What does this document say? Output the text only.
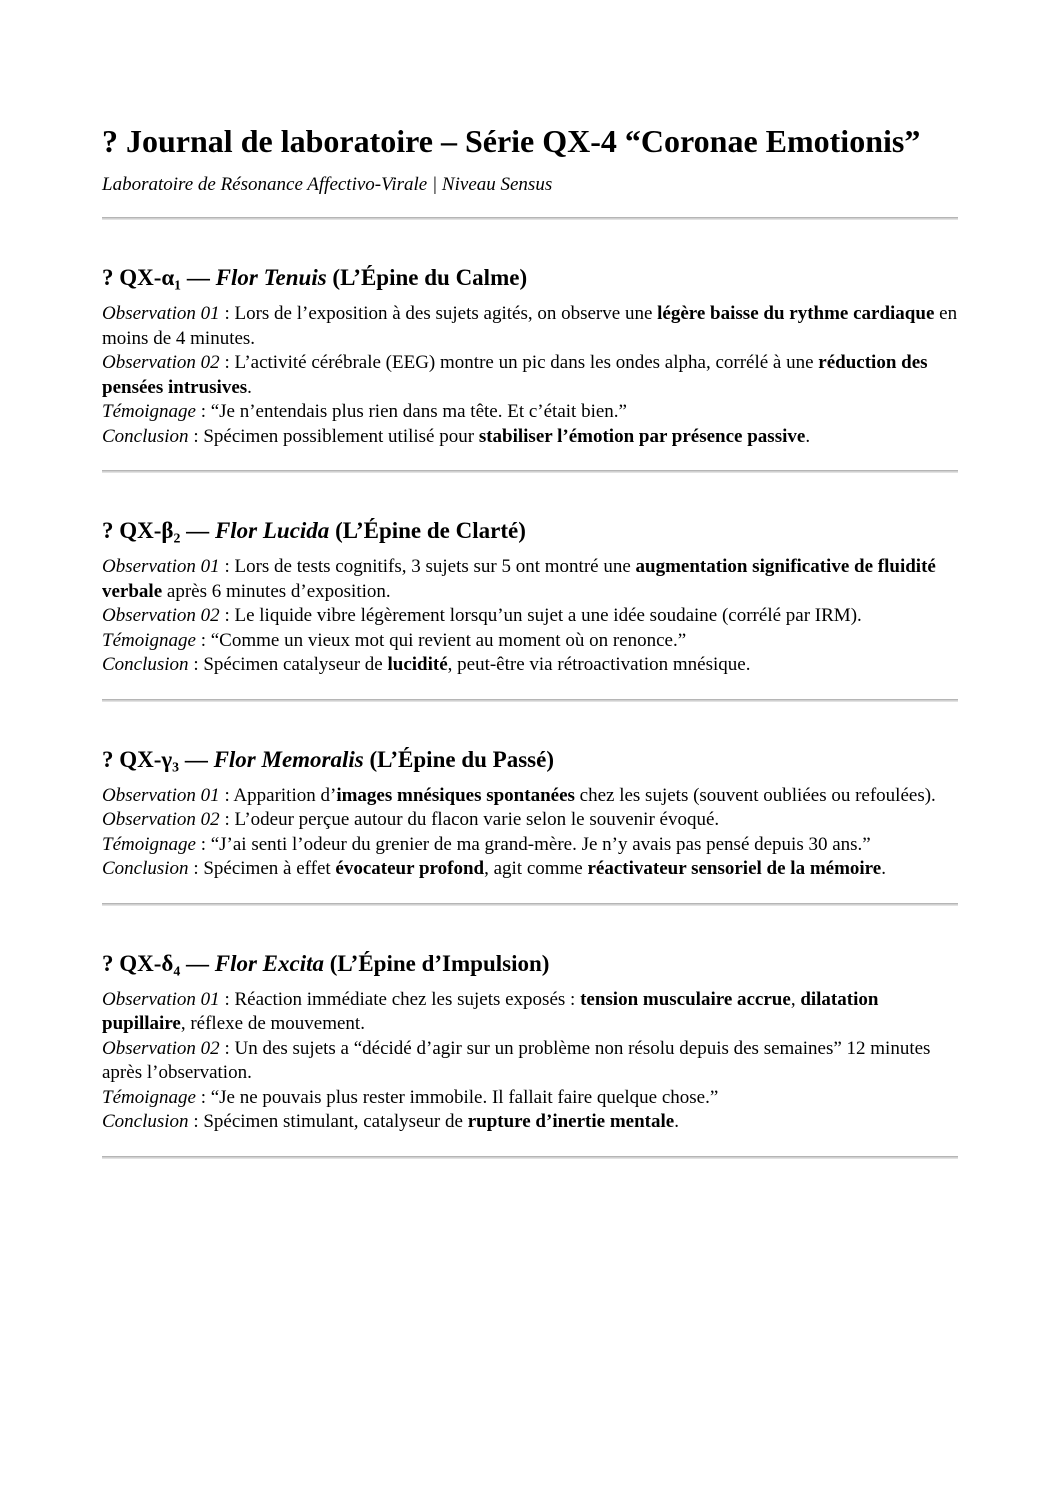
? Journal de laboratoire – Série QX-4 “Coronae Emotionis”
Laboratoire de Résonance Affectivo-Virale | Niveau Sensus
? QX-α₁ — Flor Tenuis (L’Épine du Calme)

Observation 01 : Lors de l’exposition à des sujets agités, on observe une légère baisse du rythme cardiaque en moins de 4 minutes.

Observation 02 : L’activité cérébrale (EEG) montre un pic dans les ondes alpha, corrélé à une réduction des pensées intrusives.

Témoignage : “Je n’entendais plus rien dans ma tête. Et c’était bien.”

Conclusion : Spécimen possiblement utilisé pour stabiliser l’émotion par présence passive.

? QX-β₂ — Flor Lucida (L’Épine de Clarté)

Observation 01 : Lors de tests cognitifs, 3 sujets sur 5 ont montré une augmentation significative de fluidité verbale après 6 minutes d’exposition.

Observation 02 : Le liquide vibre légèrement lorsqu’un sujet a une idée soudaine (corrélé par IRM).

Témoignage : “Comme un vieux mot qui revient au moment où on renonce.”

Conclusion : Spécimen catalyseur de lucidité, peut-être via rétroactivation mnésique.

? QX-γ₃ — Flor Memoralis (L’Épine du Passé)

Observation 01 : Apparition d’images mnésiques spontanées chez les sujets (souvent oubliées ou refoulées).

Observation 02 : L’odeur perçue autour du flacon varie selon le souvenir évoqué.

Témoignage : “J’ai senti l’odeur du grenier de ma grand-mère. Je n’y avais pas pensé depuis 30 ans.”

Conclusion : Spécimen à effet évocateur profond, agit comme réactivateur sensoriel de la mémoire.

? QX-δ₄ — Flor Excita (L’Épine d’Impulsion)

Observation 01 : Réaction immédiate chez les sujets exposés : tension musculaire accrue, dilatation pupillaire, réflexe de mouvement.

Observation 02 : Un des sujets a “décidé d’agir sur un problème non résolu depuis des semaines” 12 minutes après l’observation.

Témoignage : “Je ne pouvais plus rester immobile. Il fallait faire quelque chose.”

Conclusion : Spécimen stimulant, catalyseur de rupture d’inertie mentale.
